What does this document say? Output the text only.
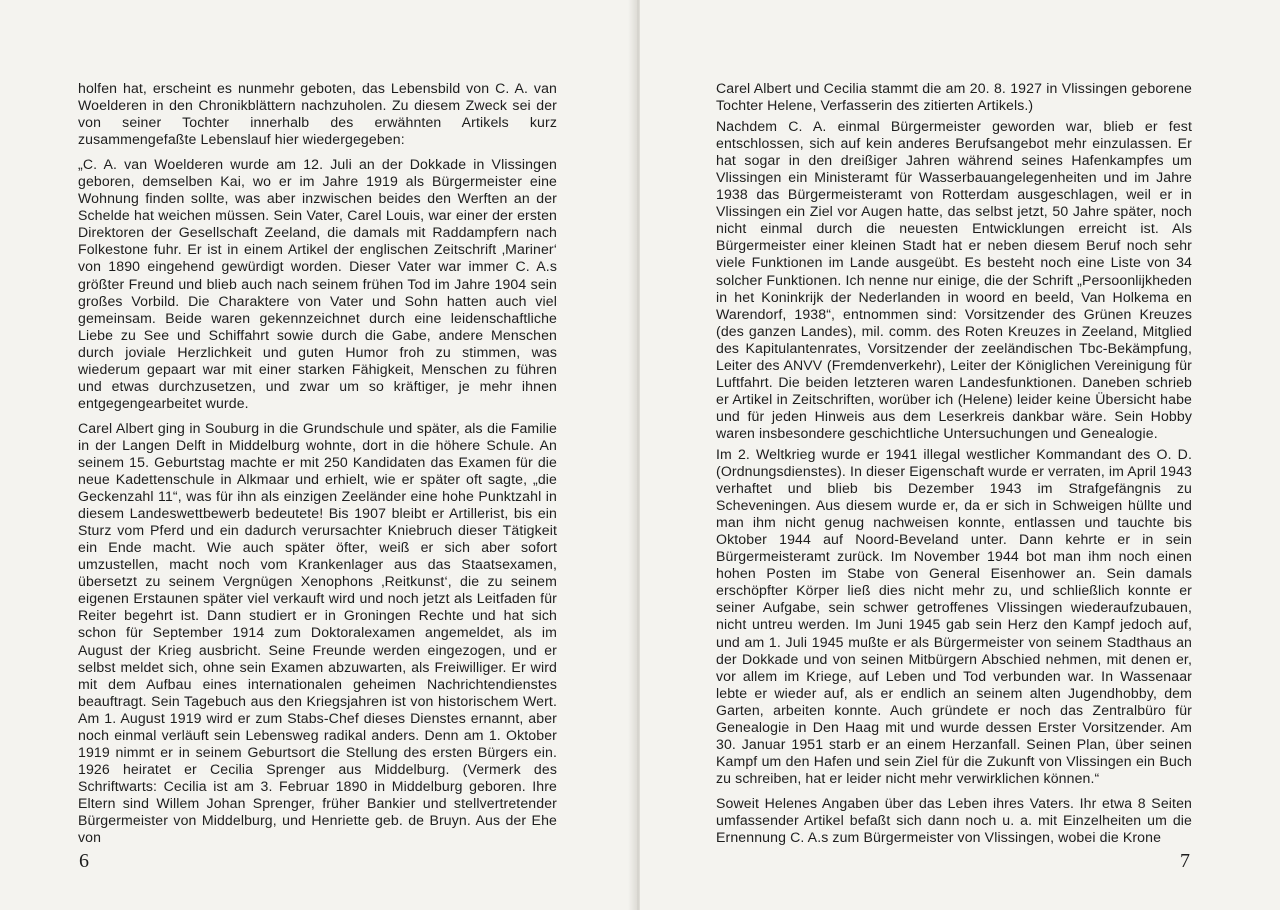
holfen hat, erscheint es nunmehr geboten, das Lebensbild von C. A. van Woelderen in den Chronikblättern nachzuholen. Zu diesem Zweck sei der von seiner Tochter innerhalb des erwähnten Artikels kurz zusammengefaßte Lebenslauf hier wiedergegeben:

„C. A. van Woelderen wurde am 12. Juli an der Dokkade in Vlissingen geboren, demselben Kai, wo er im Jahre 1919 als Bürgermeister eine Wohnung finden sollte, was aber inzwischen beides den Werften an der Schelde hat weichen müssen. Sein Vater, Carel Louis, war einer der ersten Direktoren der Gesellschaft Zeeland, die damals mit Raddampfern nach Folkestone fuhr. Er ist in einem Artikel der englischen Zeitschrift ‚Mariner‘ von 1890 eingehend gewürdigt worden. Dieser Vater war immer C. A.s größter Freund und blieb auch nach seinem frühen Tod im Jahre 1904 sein großes Vorbild. Die Charaktere von Vater und Sohn hatten auch viel gemeinsam. Beide waren gekennzeichnet durch eine leidenschaftliche Liebe zu See und Schiffahrt sowie durch die Gabe, andere Menschen durch joviale Herzlichkeit und guten Humor froh zu stimmen, was wiederum gepaart war mit einer starken Fähigkeit, Menschen zu führen und etwas durchzusetzen, und zwar um so kräftiger, je mehr ihnen entgegengearbeitet wurde.

Carel Albert ging in Souburg in die Grundschule und später, als die Familie in der Langen Delft in Middelburg wohnte, dort in die höhere Schule. An seinem 15. Geburtstag machte er mit 250 Kandidaten das Examen für die neue Kadettenschule in Alkmaar und erhielt, wie er später oft sagte, „die Geckenzahl 11“, was für ihn als einzigen Zeeländer eine hohe Punktzahl in diesem Landeswettbewerb bedeutete! Bis 1907 bleibt er Artillerist, bis ein Sturz vom Pferd und ein dadurch verursachter Kniebruch dieser Tätigkeit ein Ende macht. Wie auch später öfter, weiß er sich aber sofort umzustellen, macht noch vom Krankenlager aus das Staatsexamen, übersetzt zu seinem Vergnügen Xenophons ‚Reitkunst‘, die zu seinem eigenen Erstaunen später viel verkauft wird und noch jetzt als Leitfaden für Reiter begehrt ist. Dann studiert er in Groningen Rechte und hat sich schon für September 1914 zum Doktoralexamen angemeldet, als im August der Krieg ausbricht. Seine Freunde werden eingezogen, und er selbst meldet sich, ohne sein Examen abzuwarten, als Freiwilliger. Er wird mit dem Aufbau eines internationalen geheimen Nachrichtendienstes beauftragt. Sein Tagebuch aus den Kriegsjahren ist von historischem Wert. Am 1. August 1919 wird er zum Stabs-Chef dieses Dienstes ernannt, aber noch einmal verläuft sein Lebensweg radikal anders. Denn am 1. Oktober 1919 nimmt er in seinem Geburtsort die Stellung des ersten Bürgers ein. 1926 heiratet er Cecilia Sprenger aus Middelburg. (Vermerk des Schriftwarts: Cecilia ist am 3. Februar 1890 in Middelburg geboren. Ihre Eltern sind Willem Johan Sprenger, früher Bankier und stellvertretender Bürgermeister von Middelburg, und Henriette geb. de Bruyn. Aus der Ehe von

6

Carel Albert und Cecilia stammt die am 20. 8. 1927 in Vlissingen geborene Tochter Helene, Verfasserin des zitierten Artikels.)

Nachdem C. A. einmal Bürgermeister geworden war, blieb er fest entschlossen, sich auf kein anderes Berufsangebot mehr einzulassen. Er hat sogar in den dreißiger Jahren während seines Hafenkampfes um Vlissingen ein Ministeramt für Wasserbauangelegenheiten und im Jahre 1938 das Bürgermeisteramt von Rotterdam ausgeschlagen, weil er in Vlissingen ein Ziel vor Augen hatte, das selbst jetzt, 50 Jahre später, noch nicht einmal durch die neuesten Entwicklungen erreicht ist. Als Bürgermeister einer kleinen Stadt hat er neben diesem Beruf noch sehr viele Funktionen im Lande ausgeübt. Es besteht noch eine Liste von 34 solcher Funktionen. Ich nenne nur einige, die der Schrift „Persoonlijkheden in het Koninkrijk der Nederlanden in woord en beeld, Van Holkema en Warendorf, 1938“, entnommen sind: Vorsitzender des Grünen Kreuzes (des ganzen Landes), mil. comm. des Roten Kreuzes in Zeeland, Mitglied des Kapitulantenrates, Vorsitzender der zeeländischen Tbc-Bekämpfung, Leiter des ANVV (Fremdenverkehr), Leiter der Königlichen Vereinigung für Luftfahrt. Die beiden letzteren waren Landesfunktionen. Daneben schrieb er Artikel in Zeitschriften, worüber ich (Helene) leider keine Übersicht habe und für jeden Hinweis aus dem Leserkreis dankbar wäre. Sein Hobby waren insbesondere geschichtliche Untersuchungen und Genealogie.

Im 2. Weltkrieg wurde er 1941 illegal westlicher Kommandant des O. D. (Ordnungsdienstes). In dieser Eigenschaft wurde er verraten, im April 1943 verhaftet und blieb bis Dezember 1943 im Strafgefängnis zu Scheveningen. Aus diesem wurde er, da er sich in Schweigen hüllte und man ihm nicht genug nachweisen konnte, entlassen und tauchte bis Oktober 1944 auf Noord-Beveland unter. Dann kehrte er in sein Bürgermeisteramt zurück. Im November 1944 bot man ihm noch einen hohen Posten im Stabe von General Eisenhower an. Sein damals erschöpfter Körper ließ dies nicht mehr zu, und schließlich konnte er seiner Aufgabe, sein schwer getroffenes Vlissingen wiederaufzubauen, nicht untreu werden. Im Juni 1945 gab sein Herz den Kampf jedoch auf, und am 1. Juli 1945 mußte er als Bürgermeister von seinem Stadthaus an der Dokkade und von seinen Mitbürgern Abschied nehmen, mit denen er, vor allem im Kriege, auf Leben und Tod verbunden war. In Wassenaar lebte er wieder auf, als er endlich an seinem alten Jugendhobby, dem Garten, arbeiten konnte. Auch gründete er noch das Zentralbüro für Genealogie in Den Haag mit und wurde dessen Erster Vorsitzender. Am 30. Januar 1951 starb er an einem Herzanfall. Seinen Plan, über seinen Kampf um den Hafen und sein Ziel für die Zukunft von Vlissingen ein Buch zu schreiben, hat er leider nicht mehr verwirklichen können.“

Soweit Helenes Angaben über das Leben ihres Vaters. Ihr etwa 8 Seiten umfassender Artikel befaßt sich dann noch u. a. mit Einzelheiten um die Ernennung C. A.s zum Bürgermeister von Vlissingen, wobei die Krone

7
